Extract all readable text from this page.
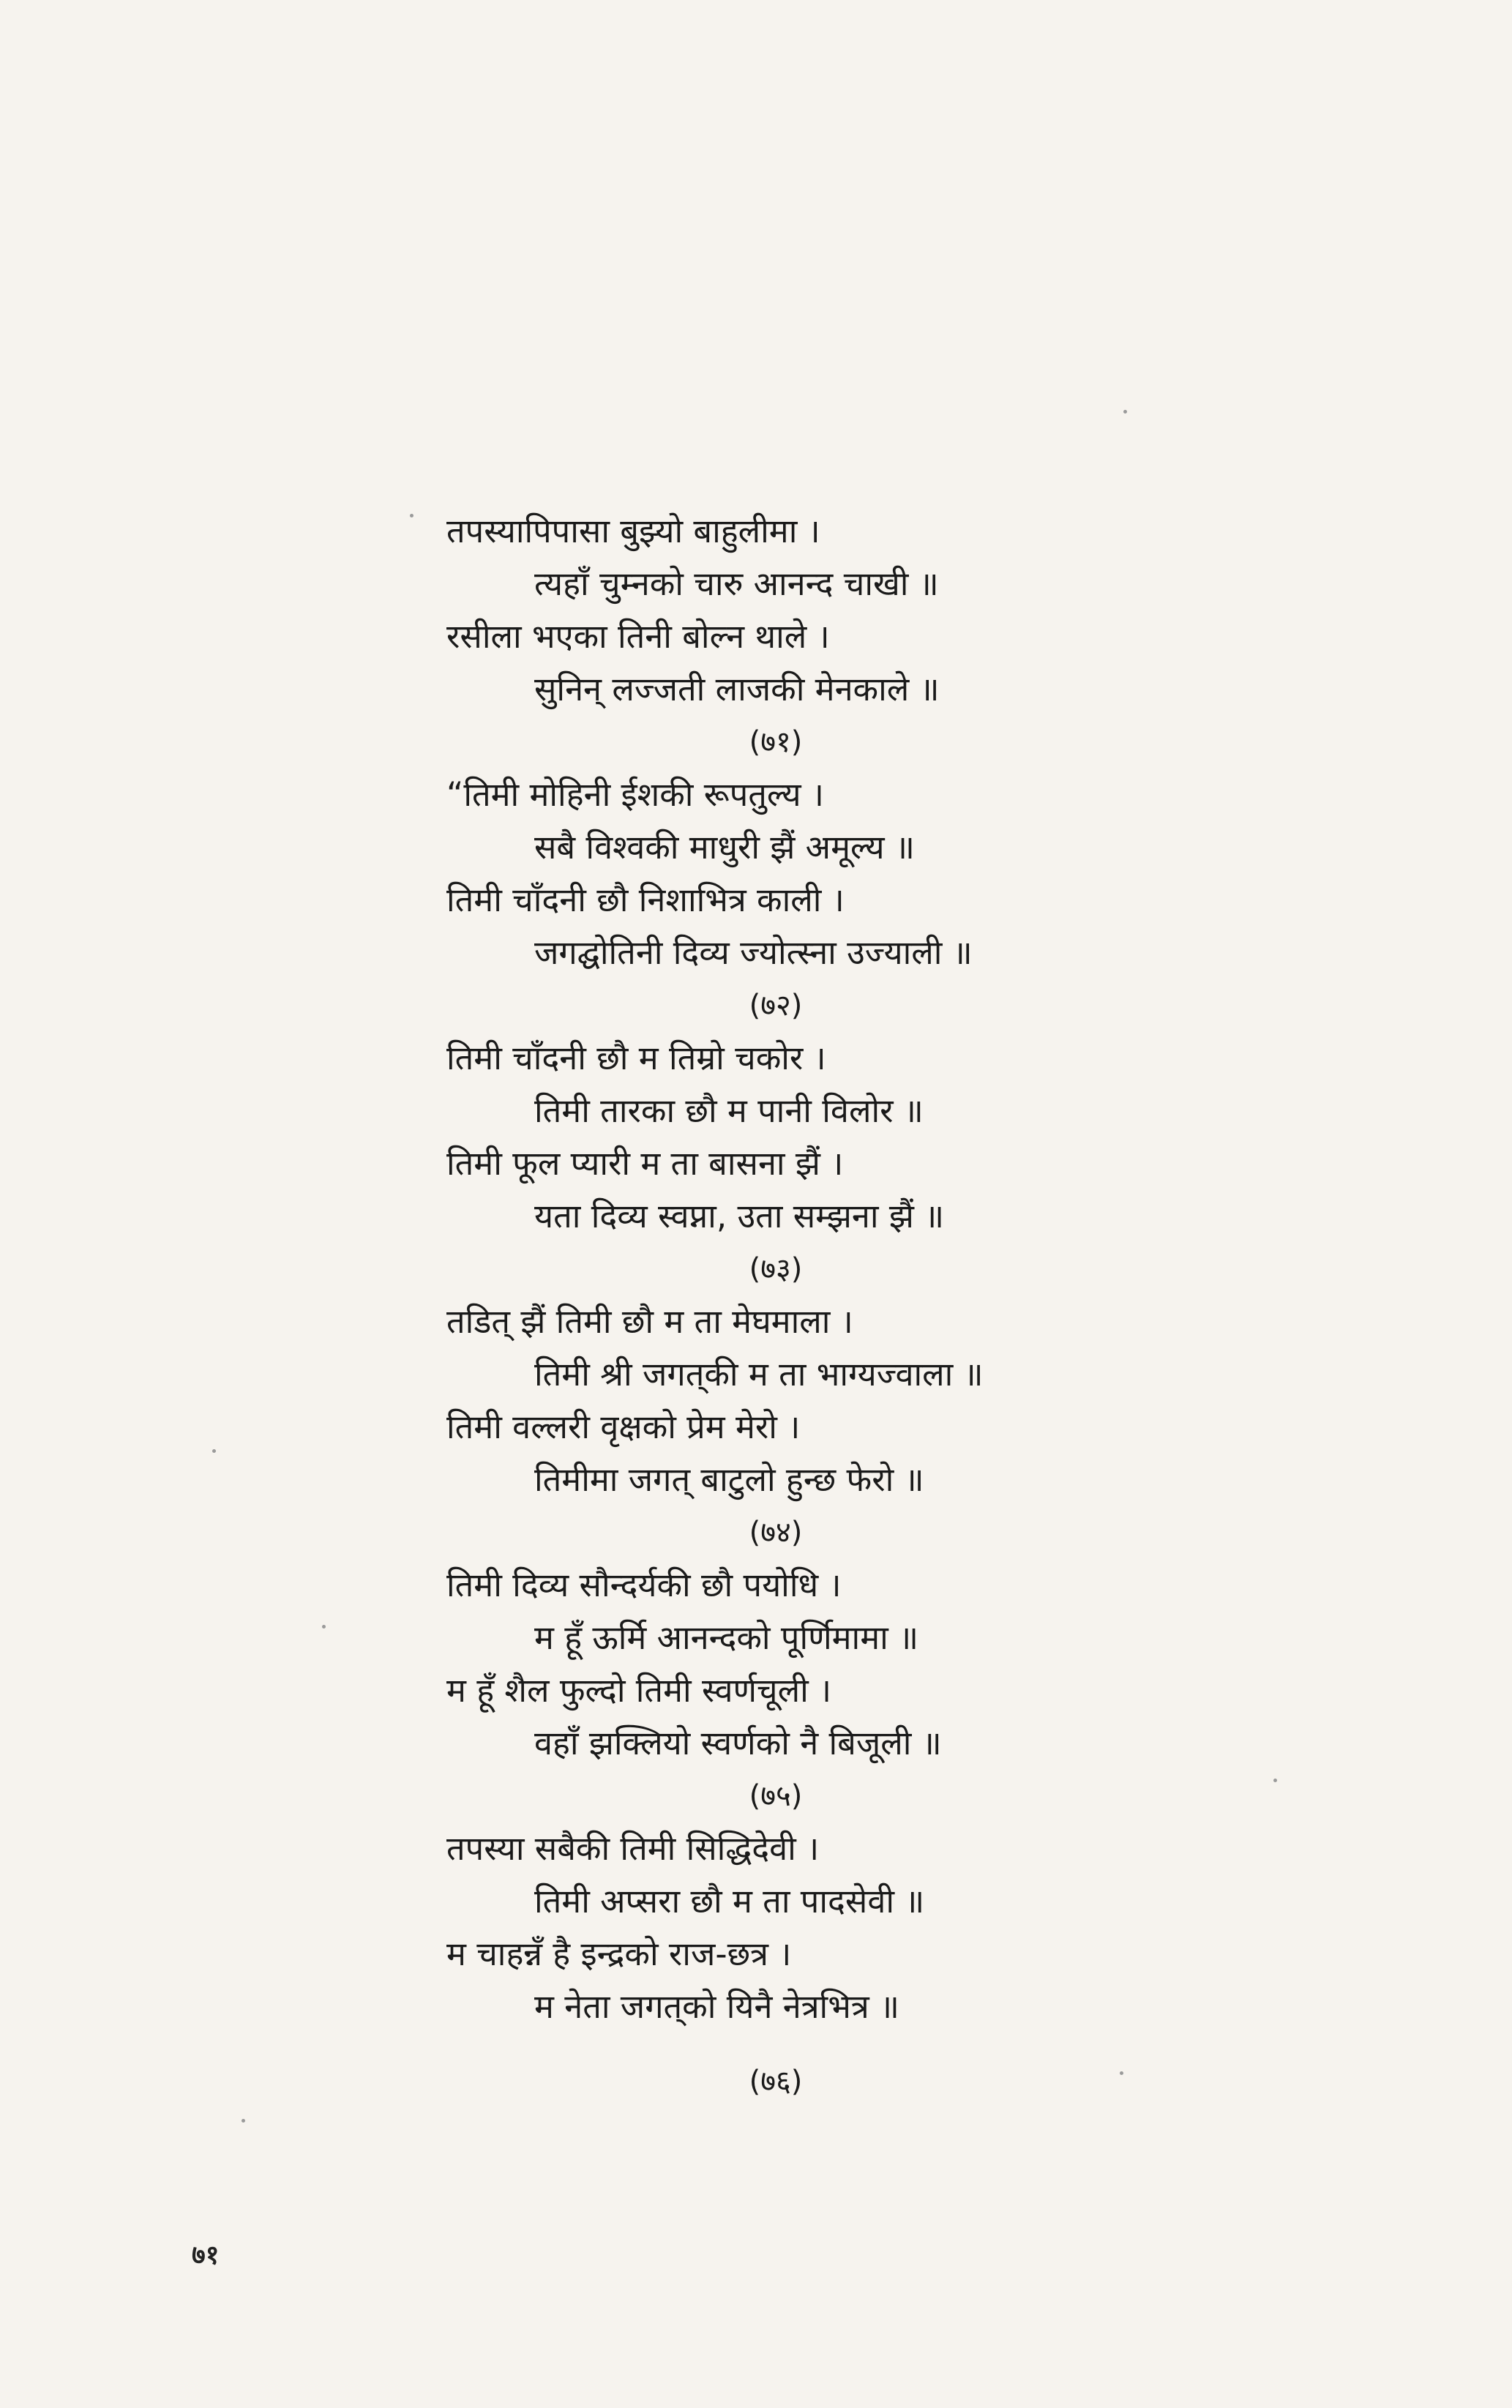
तपस्यापिपासा बुझ्यो बाहुलीमा ।
त्यहाँ चुम्नको चारु आनन्द चाखी ॥
रसीला भएका तिनी बोल्न थाले ।
सुनिन् लज्जती लाजकी मेनकाले ॥
(७१)
“तिमी मोहिनी ईशकी रूपतुल्य ।
सबै विश्वकी माधुरी झैं अमूल्य ॥
तिमी चाँदनी छौ निशाभित्र काली ।
जगद्घोतिनी दिव्य ज्योत्स्ना उज्याली ॥
(७२)
तिमी चाँदनी छौ म तिम्रो चकोर ।
तिमी तारका छौ म पानी विलोर ॥
तिमी फूल प्यारी म ता बासना झैं ।
यता दिव्य स्वप्ना, उता सम्झना झैं ॥
(७३)
तडित् झैं तिमी छौ म ता मेघमाला ।
तिमी श्री जगत्‌की म ता भाग्यज्वाला ॥
तिमी वल्लरी वृक्षको प्रेम मेरो ।
तिमीमा जगत् बाटुलो हुन्छ फेरो ॥
(७४)
तिमी दिव्य सौन्दर्यकी छौ पयोधि ।
म हूँ ऊर्मि आनन्दको पूर्णिमामा ॥
म हूँ शैल फुल्दो तिमी स्वर्णचूली ।
वहाँ झक्लियो स्वर्णको नै बिजूली ॥
(७५)
तपस्या सबैकी तिमी सिद्धिदेवी ।
तिमी अप्सरा छौ म ता पादसेवी ॥
म चाहन्नँ है इन्द्रको राज-छत्र ।
म नेता जगत्‌को यिनै नेत्रभित्र ॥
(७६)
७१
